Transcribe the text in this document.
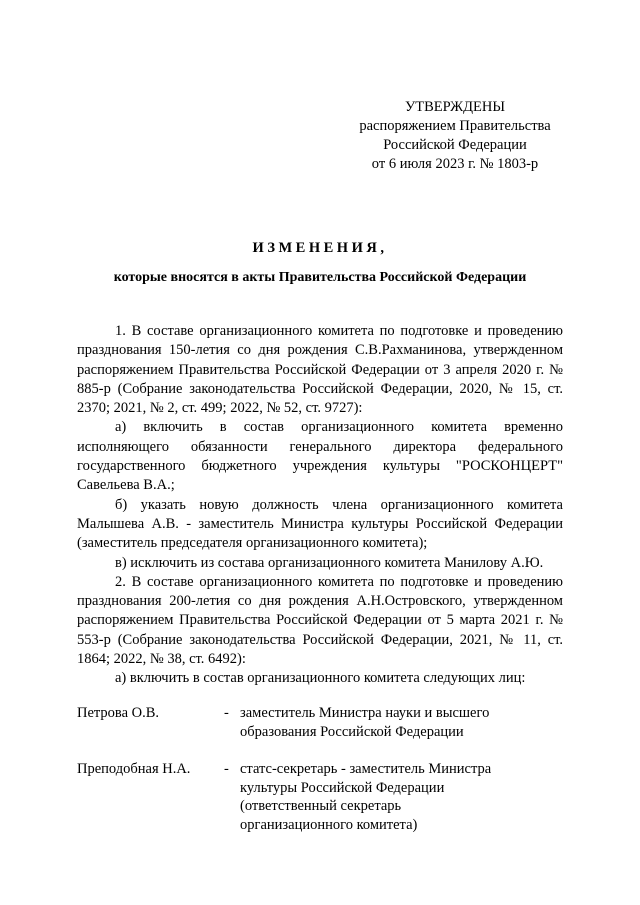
УТВЕРЖДЕНЫ
распоряжением Правительства
Российской Федерации
от 6 июля 2023 г. № 1803-р
ИЗМЕНЕНИЯ,
которые вносятся в акты Правительства Российской Федерации

1. В составе организационного комитета по подготовке и проведению празднования 150-летия со дня рождения С.В.Рахманинова, утвержденном распоряжением Правительства Российской Федерации от 3 апреля 2020 г. № 885-р (Собрание законодательства Российской Федерации, 2020, № 15, ст. 2370; 2021, № 2, ст. 499; 2022, № 52, ст. 9727):

а) включить в состав организационного комитета временно исполняющего обязанности генерального директора федерального государственного бюджетного учреждения культуры "РОСКОНЦЕРТ" Савельева В.А.;

б) указать новую должность члена организационного комитета Малышева А.В. - заместитель Министра культуры Российской Федерации (заместитель председателя организационного комитета);

в) исключить из состава организационного комитета Манилову А.Ю.

2. В составе организационного комитета по подготовке и проведению празднования 200-летия со дня рождения А.Н.Островского, утвержденном распоряжением Правительства Российской Федерации от 5 марта 2021 г. № 553-р (Собрание законодательства Российской Федерации, 2021, № 11, ст. 1864; 2022, № 38, ст. 6492):

а) включить в состав организационного комитета следующих лиц:

Петрова О.В.	- заместитель Министра науки и высшего
образования Российской Федерации
Преподобная Н.А.	- статс-секретарь - заместитель Министра
культуры Российской Федерации
(ответственный секретарь
организационного комитета)
